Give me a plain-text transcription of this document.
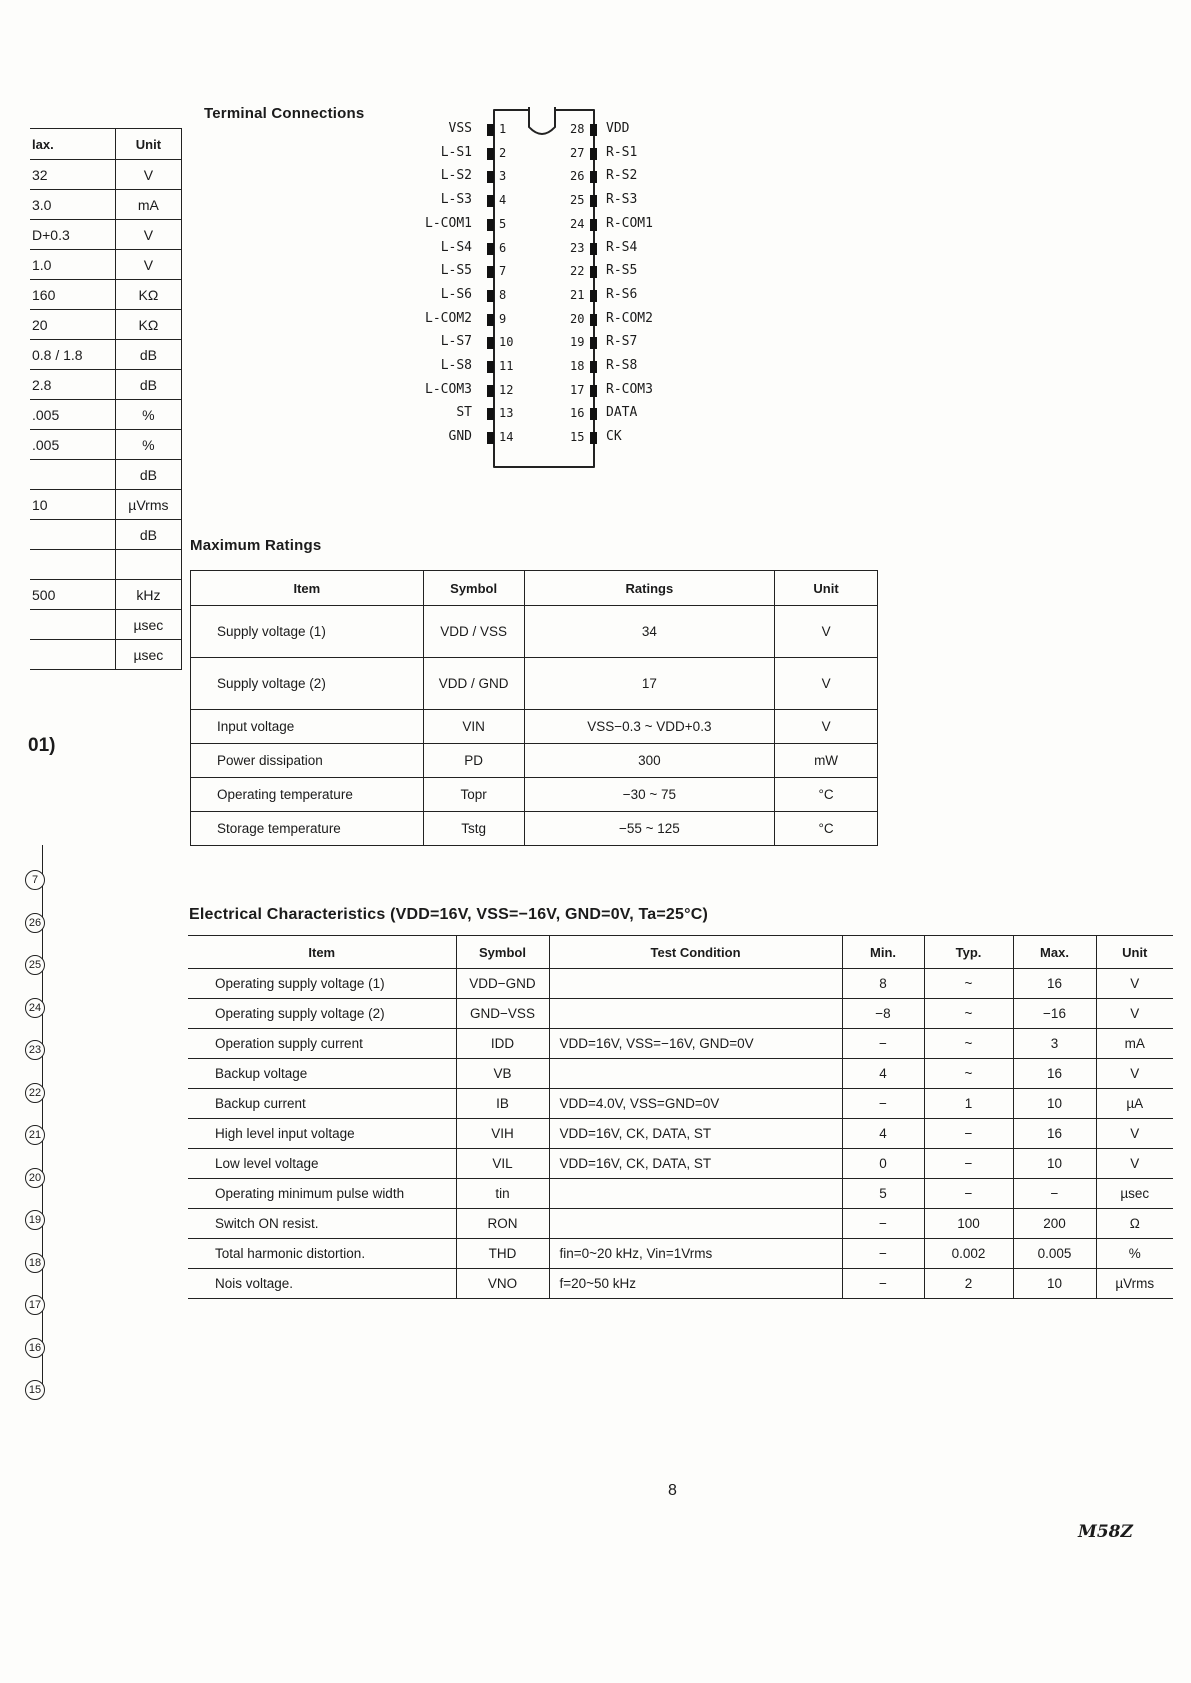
lax.	Unit
32	V
3.0	mA
D+0.3	V
1.0	V
160	KΩ
20	KΩ
0.8 / 1.8	dB
2.8	dB
.005	%
.005	%
	dB
10	µVrms
	dB

500	kHz
	µsec
	µsec
01)
7
26
25
24
23
22
21
20
19
18
17
16
15
Terminal Connections
VSS 1
L-S1 2
L-S2 3
L-S3 4
L-COM1 5
L-S4 6
L-S5 7
L-S6 8
L-COM2 9
L-S7 10
L-S8 11
L-COM3 12
ST 13
GND 14
28 VDD
27 R-S1
26 R-S2
25 R-S3
24 R-COM1
23 R-S4
22 R-S5
21 R-S6
20 R-COM2
19 R-S7
18 R-S8
17 R-COM3
16 DATA
15 CK
Maximum Ratings
Item	Symbol	Ratings	Unit
Supply voltage (1)	VDD / VSS	34	V
Supply voltage (2)	VDD / GND	17	V
Input voltage	VIN	VSS−0.3 ~ VDD+0.3	V
Power dissipation	PD	300	mW
Operating temperature	Topr	−30 ~ 75	°C
Storage temperature	Tstg	−55 ~ 125	°C
Electrical Characteristics (VDD=16V, VSS=−16V, GND=0V, Ta=25°C)
Item	Symbol	Test Condition	Min.	Typ.	Max.	Unit
Operating supply voltage (1)	VDD−GND		8	~	16	V
Operating supply voltage (2)	GND−VSS		−8	~	−16	V
Operation supply current	IDD	VDD=16V, VSS=−16V, GND=0V	−	~	3	mA
Backup voltage	VB		4	~	16	V
Backup current	IB	VDD=4.0V, VSS=GND=0V	−	1	10	µA
High level input voltage	VIH	VDD=16V, CK, DATA, ST	4	−	16	V
Low level voltage	VIL	VDD=16V, CK, DATA, ST	0	−	10	V
Operating minimum pulse width	tin		5	−	−	µsec
Switch ON resist.	RON		−	100	200	Ω
Total harmonic distortion.	THD	fin=0~20 kHz, Vin=1Vrms	−	0.002	0.005	%
Nois voltage.	VNO	f=20~50 kHz	−	2	10	µVrms
8
M58Z
